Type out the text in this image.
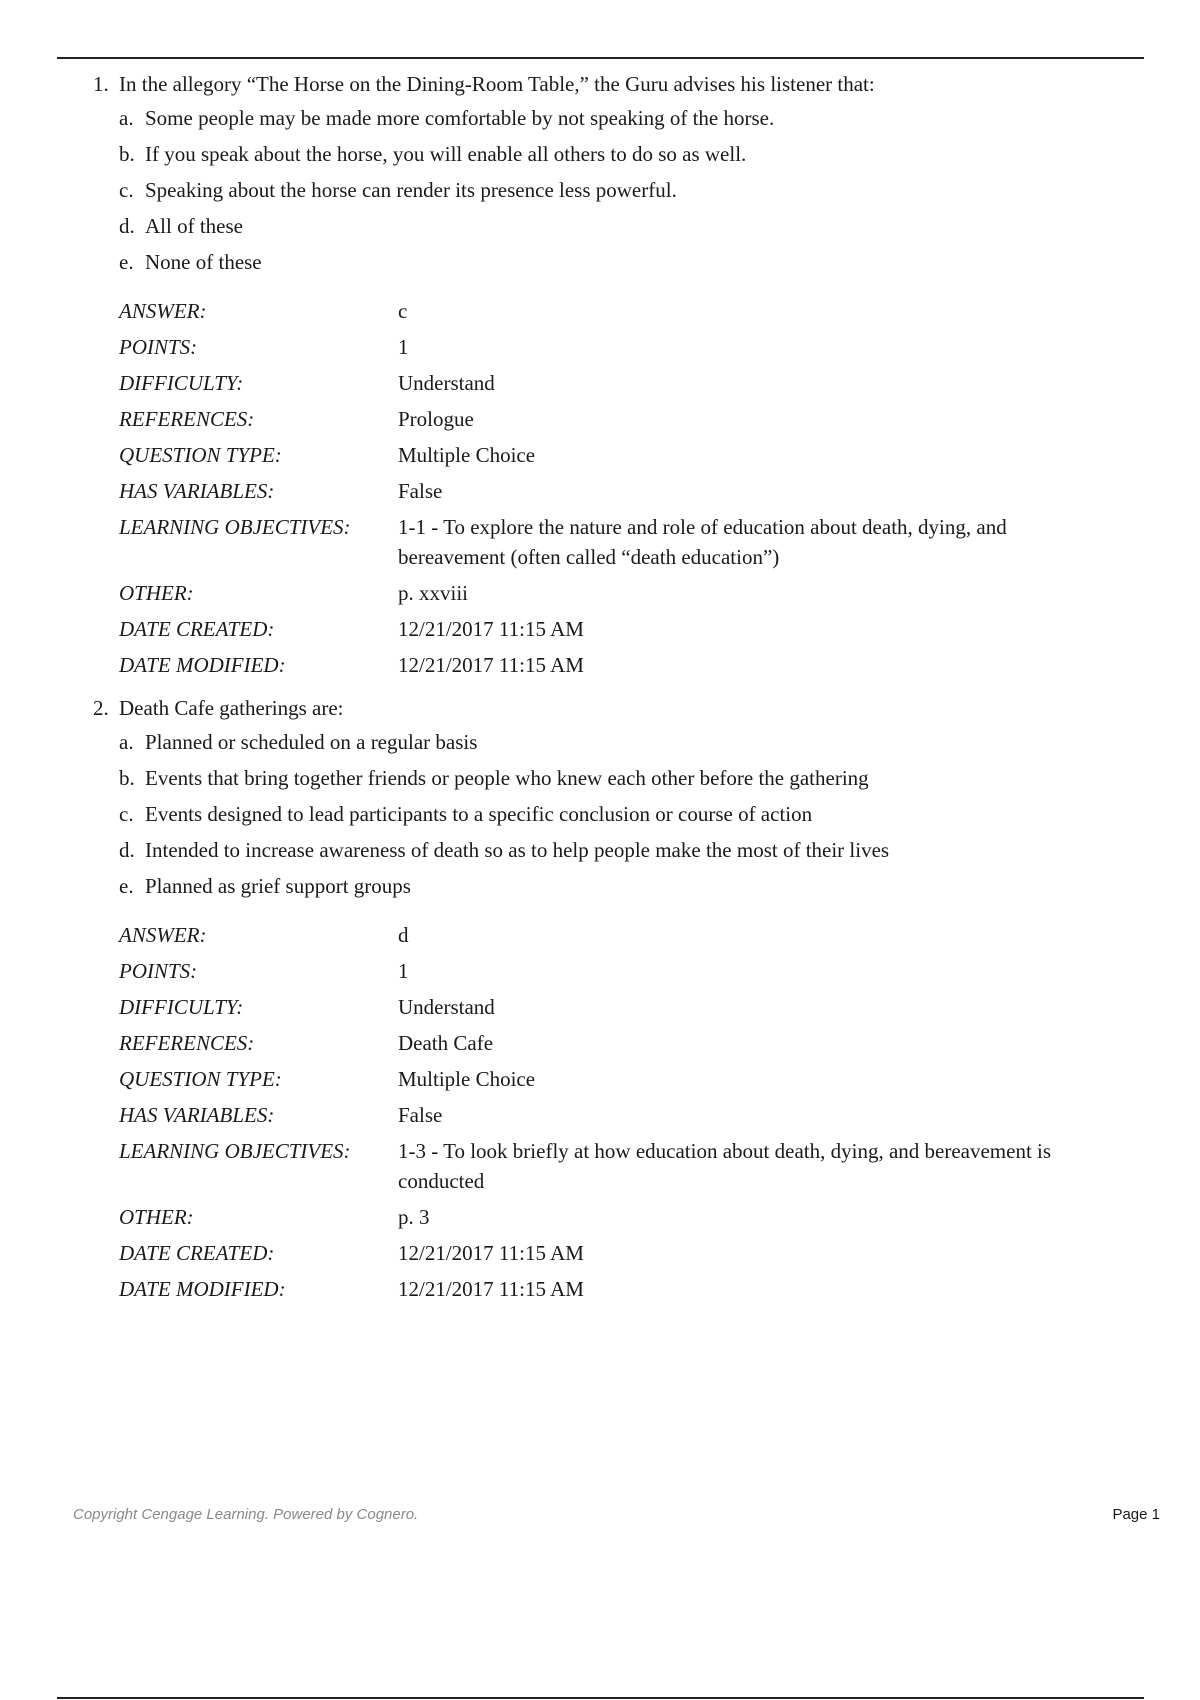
1. In the allegory “The Horse on the Dining-Room Table,” the Guru advises his listener that:
a. Some people may be made more comfortable by not speaking of the horse.
b. If you speak about the horse, you will enable all others to do so as well.
c. Speaking about the horse can render its presence less powerful.
d. All of these
e. None of these
ANSWER:	c
POINTS:	1
DIFFICULTY:	Understand
REFERENCES:	Prologue
QUESTION TYPE:	Multiple Choice
HAS VARIABLES:	False
LEARNING OBJECTIVES:	1-1 - To explore the nature and role of education about death, dying, and bereavement (often called “death education”)
OTHER:	p. xxviii
DATE CREATED:	12/21/2017 11:15 AM
DATE MODIFIED:	12/21/2017 11:15 AM
2. Death Cafe gatherings are:
a. Planned or scheduled on a regular basis
b. Events that bring together friends or people who knew each other before the gathering
c. Events designed to lead participants to a specific conclusion or course of action
d. Intended to increase awareness of death so as to help people make the most of their lives
e. Planned as grief support groups
ANSWER:	d
POINTS:	1
DIFFICULTY:	Understand
REFERENCES:	Death Cafe
QUESTION TYPE:	Multiple Choice
HAS VARIABLES:	False
LEARNING OBJECTIVES:	1-3 - To look briefly at how education about death, dying, and bereavement is conducted
OTHER:	p. 3
DATE CREATED:	12/21/2017 11:15 AM
DATE MODIFIED:	12/21/2017 11:15 AM
Copyright Cengage Learning. Powered by Cognero.	Page 1
